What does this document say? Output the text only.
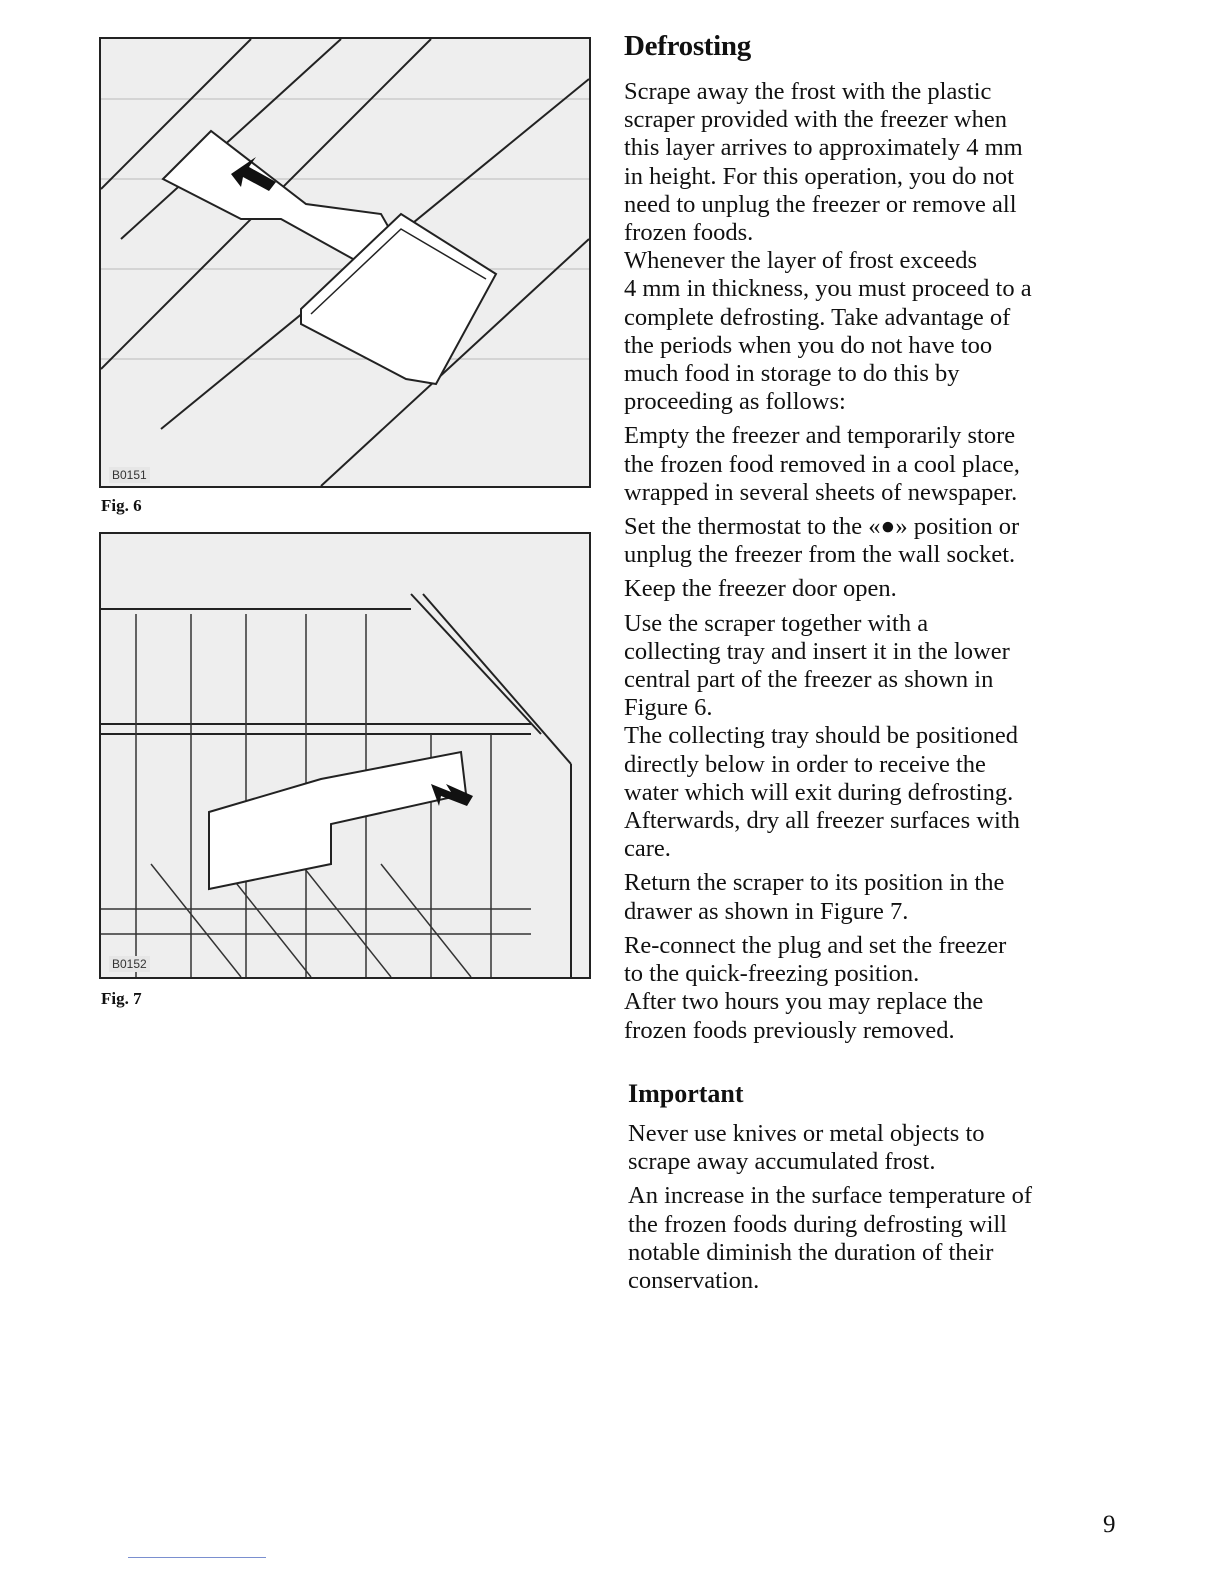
B0151
Fig. 6
B0152
Fig. 7
Defrosting

Scrape away the frost with the plastic
scraper provided with the freezer when
this layer arrives to approximately 4 mm
in height. For this operation, you do not
need to unplug the freezer or remove all
frozen foods.
Whenever the layer of frost exceeds
4 mm in thickness, you must proceed to a
complete defrosting. Take advantage of
the periods when you do not have too
much food in storage to do this by
proceeding as follows:

Empty the freezer and temporarily store
the frozen food removed in a cool place,
wrapped in several sheets of newspaper.

Set the thermostat to the «●» position or
unplug the freezer from the wall socket.

Keep the freezer door open.

Use the scraper together with a
collecting tray and insert it in the lower
central part of the freezer as shown in
Figure 6.
The collecting tray should be positioned
directly below in order to receive the
water which will exit during defrosting.
Afterwards, dry all freezer surfaces with
care.

Return the scraper to its position in the
drawer as shown in Figure 7.

Re-connect the plug and set the freezer
to the quick-freezing position.
After two hours you may replace the
frozen foods previously removed.

Important

Never use knives or metal objects to
scrape away accumulated frost.

An increase in the surface temperature of
the frozen foods during defrosting will
notable diminish the duration of their
conservation.

9
